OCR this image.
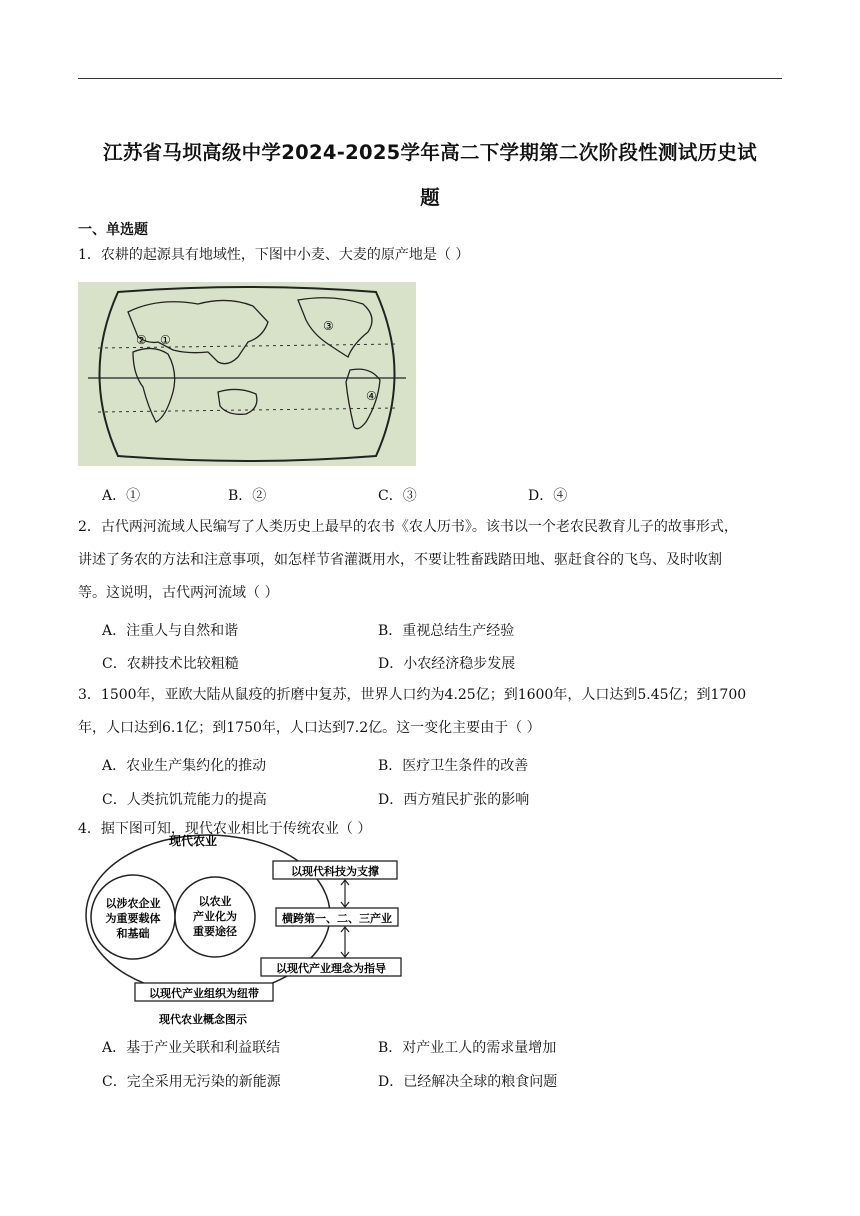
江苏省马坝高级中学2024-2025学年高二下学期第二次阶段性测试历史试
题
一、单选题
1．农耕的起源具有地域性，下图中小麦、大麦的原产地是（ ）
①
②
③
④
A．①	B．②	C．③	D．④
2．古代两河流域人民编写了人类历史上最早的农书《农人历书》。该书以一个老农民教育儿子的故事形式，
讲述了务农的方法和注意事项，如怎样节省灌溉用水，不要让牲畜践踏田地、驱赶食谷的飞鸟、及时收割
等。这说明，古代两河流域（ ）
A．注重人与自然和谐	B．重视总结生产经验
C．农耕技术比较粗糙	D．小农经济稳步发展
3．1500年，亚欧大陆从鼠疫的折磨中复苏，世界人口约为4.25亿；到1600年，人口达到5.45亿；到1700
年，人口达到6.1亿；到1750年，人口达到7.2亿。这一变化主要由于（ ）
A．农业生产集约化的推动	B．医疗卫生条件的改善
C．人类抗饥荒能力的提高	D．西方殖民扩张的影响
4．据下图可知，现代农业相比于传统农业（ ）
现代农业
以涉农企业
为重要载体
和基础
以农业
产业化为
重要途径
以现代科技为支撑
横跨第一、二、三产业
以现代产业理念为指导
以现代产业组织为纽带
现代农业概念图示
A．基于产业关联和利益联结	B．对产业工人的需求量增加
C．完全采用无污染的新能源	D．已经解决全球的粮食问题
